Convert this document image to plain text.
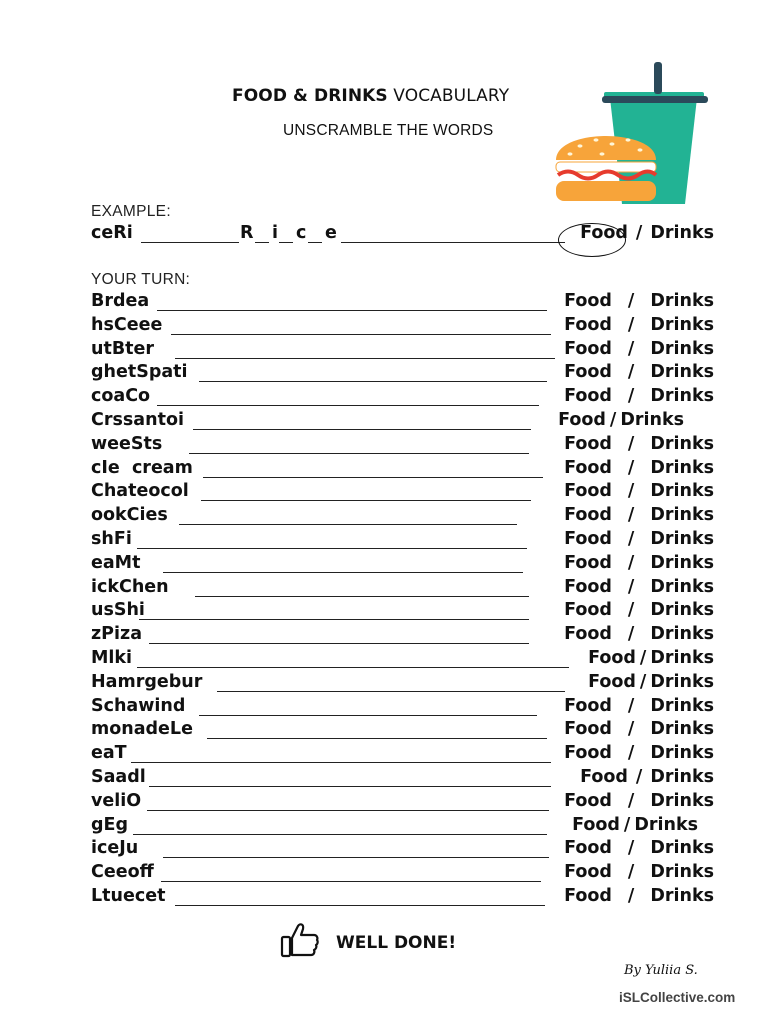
FOOD & DRINKS VOCABULARY
UNSCRAMBLE THE WORDS
EXAMPLE:
ceRi	R i c e	Food / Drinks
YOUR TURN:
Brdea	Food / Drinks
hsCeee	Food / Drinks
utBter	Food / Drinks
ghetSpati	Food / Drinks
coaCo	Food / Drinks
Crssantoi	Food / Drinks
weeSts	Food / Drinks
cIe  cream	Food / Drinks
Chateocol	Food / Drinks
ookCies	Food / Drinks
shFi	Food / Drinks
eaMt	Food / Drinks
ickChen	Food / Drinks
usShi	Food / Drinks
zPiza	Food / Drinks
Mlki	Food / Drinks
Hamrgebur	Food / Drinks
Schawind	Food / Drinks
monadeLe	Food / Drinks
eaT	Food / Drinks
Saadl	Food / Drinks
veliO	Food / Drinks
gEg	Food / Drinks
iceJu	Food / Drinks
Ceeoff	Food / Drinks
Ltuecet	Food / Drinks
WELL DONE!
By Yuliia S.
iSLCollective.com
